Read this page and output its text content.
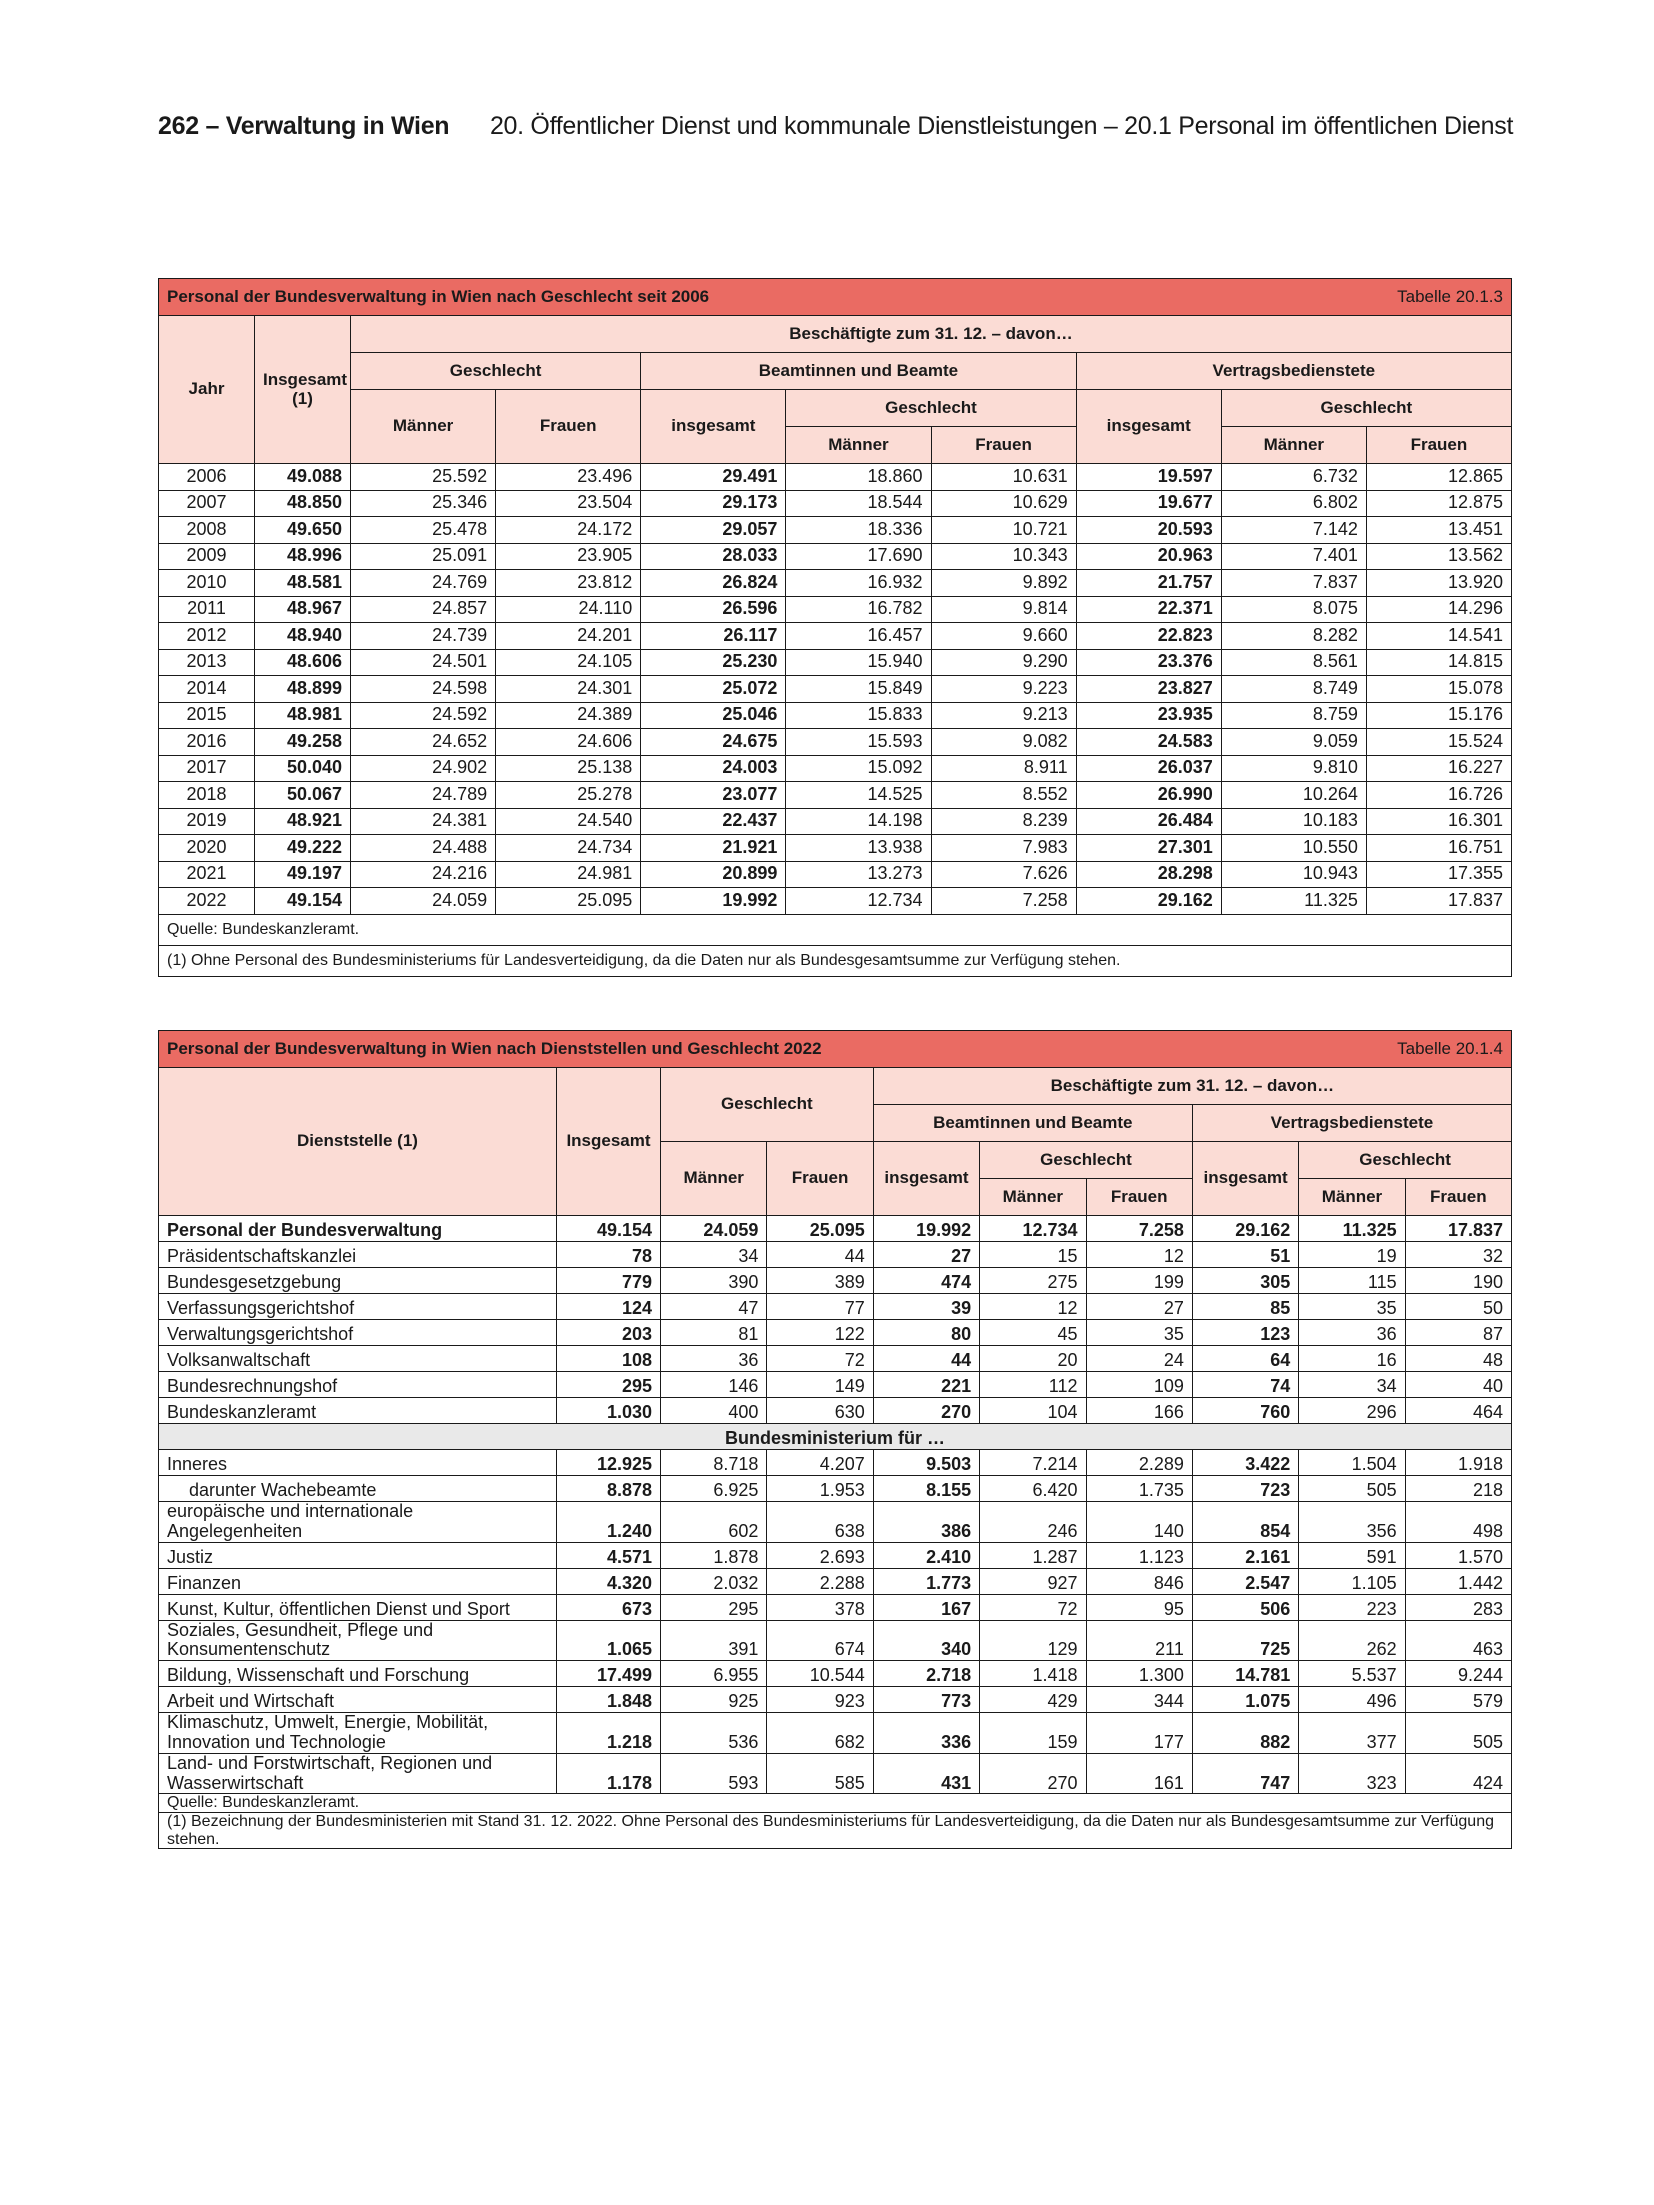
262 – Verwaltung in Wien 20. Öffentlicher Dienst und kommunale Dienstleistungen – 20.1 Personal im öffentlichen Dienst
Personal der Bundesverwaltung in Wien nach Geschlecht seit 2006 Tabelle 20.1.3									

Jahr	Insgesamt (1)	Beschäftigte zum 31. 12. – davon…							
		Geschlecht		Beamtinnen und Beamte			Vertragsbedienstete		
		Männer	Frauen	insgesamt	Geschlecht		insgesamt	Geschlecht	
					Männer	Frauen		Männer	Frauen
2006	49.088	25.592	23.496	29.491	18.860	10.631	19.597	6.732	12.865
2007	48.850	25.346	23.504	29.173	18.544	10.629	19.677	6.802	12.875
2008	49.650	25.478	24.172	29.057	18.336	10.721	20.593	7.142	13.451
2009	48.996	25.091	23.905	28.033	17.690	10.343	20.963	7.401	13.562
2010	48.581	24.769	23.812	26.824	16.932	9.892	21.757	7.837	13.920
2011	48.967	24.857	24.110	26.596	16.782	9.814	22.371	8.075	14.296
2012	48.940	24.739	24.201	26.117	16.457	9.660	22.823	8.282	14.541
2013	48.606	24.501	24.105	25.230	15.940	9.290	23.376	8.561	14.815
2014	48.899	24.598	24.301	25.072	15.849	9.223	23.827	8.749	15.078
2015	48.981	24.592	24.389	25.046	15.833	9.213	23.935	8.759	15.176
2016	49.258	24.652	24.606	24.675	15.593	9.082	24.583	9.059	15.524
2017	50.040	24.902	25.138	24.003	15.092	8.911	26.037	9.810	16.227
2018	50.067	24.789	25.278	23.077	14.525	8.552	26.990	10.264	16.726
2019	48.921	24.381	24.540	22.437	14.198	8.239	26.484	10.183	16.301
2020	49.222	24.488	24.734	21.921	13.938	7.983	27.301	10.550	16.751
2021	49.197	24.216	24.981	20.899	13.273	7.626	28.298	10.943	17.355
2022	49.154	24.059	25.095	19.992	12.734	7.258	29.162	11.325	17.837
Quelle: Bundeskanzleramt.									
(1) Ohne Personal des Bundesministeriums für Landesverteidigung, da die Daten nur als Bundesgesamtsumme zur Verfügung stehen.									
Personal der Bundesverwaltung in Wien nach Dienststellen und Geschlecht 2022 Tabelle 20.1.4									

Dienststelle (1)	Insgesamt	Geschlecht		Beschäftigte zum 31. 12. – davon…					
				Beamtinnen und Beamte			Vertragsbedienstete		
		Männer	Frauen	insgesamt	Geschlecht		insgesamt	Geschlecht	
					Männer	Frauen		Männer	Frauen
Personal der Bundesverwaltung	49.154	24.059	25.095	19.992	12.734	7.258	29.162	11.325	17.837
Präsidentschaftskanzlei	78	34	44	27	15	12	51	19	32
Bundesgesetzgebung	779	390	389	474	275	199	305	115	190
Verfassungsgerichtshof	124	47	77	39	12	27	85	35	50
Verwaltungsgerichtshof	203	81	122	80	45	35	123	36	87
Volksanwaltschaft	108	36	72	44	20	24	64	16	48
Bundesrechnungshof	295	146	149	221	112	109	74	34	40
Bundeskanzleramt	1.030	400	630	270	104	166	760	296	464
Bundesministerium für …									
Inneres	12.925	8.718	4.207	9.503	7.214	2.289	3.422	1.504	1.918
darunter Wachebeamte	8.878	6.925	1.953	8.155	6.420	1.735	723	505	218
europäische und internationale Angelegenheiten	1.240	602	638	386	246	140	854	356	498
Justiz	4.571	1.878	2.693	2.410	1.287	1.123	2.161	591	1.570
Finanzen	4.320	2.032	2.288	1.773	927	846	2.547	1.105	1.442
Kunst, Kultur, öffentlichen Dienst und Sport	673	295	378	167	72	95	506	223	283
Soziales, Gesundheit, Pflege und Konsumentenschutz	1.065	391	674	340	129	211	725	262	463
Bildung, Wissenschaft und Forschung	17.499	6.955	10.544	2.718	1.418	1.300	14.781	5.537	9.244
Arbeit und Wirtschaft	1.848	925	923	773	429	344	1.075	496	579
Klimaschutz, Umwelt, Energie, Mobilität, Innovation und Technologie	1.218	536	682	336	159	177	882	377	505
Land- und Forstwirtschaft, Regionen und Wasserwirtschaft	1.178	593	585	431	270	161	747	323	424
Quelle: Bundeskanzleramt.									
(1) Bezeichnung der Bundesministerien mit Stand 31. 12. 2022. Ohne Personal des Bundesministeriums für Landesverteidigung, da die Daten nur als Bundesgesamtsumme zur Verfügung stehen.									
